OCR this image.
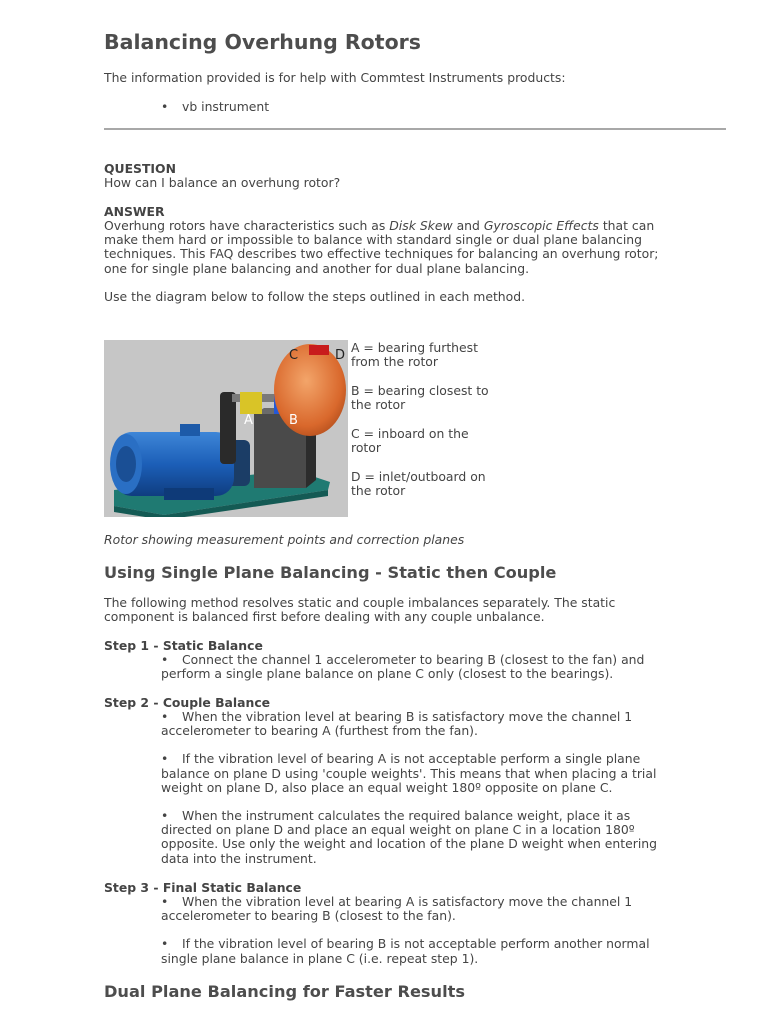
Balancing Overhung Rotors
The information provided is for help with Commtest Instruments products:
• vb instrument
QUESTION
How can I balance an overhung rotor?
ANSWER
Overhung rotors have characteristics such as Disk Skew and Gyroscopic Effects that can
make them hard or impossible to balance with standard single or dual plane balancing
techniques. This FAQ describes two effective techniques for balancing an overhung rotor;
one for single plane balancing and another for dual plane balancing.
Use the diagram below to follow the steps outlined in each method.
A	B
C	D
A = bearing furthest
from the rotor
B = bearing closest to
the rotor
C = inboard on the
rotor
D = inlet/outboard on
the rotor
Rotor showing measurement points and correction planes
Using Single Plane Balancing - Static then Couple
The following method resolves static and couple imbalances separately. The static
component is balanced first before dealing with any couple unbalance.
Step 1 - Static Balance

• Connect the channel 1 accelerometer to bearing B (closest to the fan) and
perform a single plane balance on plane C only (closest to the bearings).

Step 2 - Couple Balance

• When the vibration level at bearing B is satisfactory move the channel 1
accelerometer to bearing A (furthest from the fan).

• If the vibration level of bearing A is not acceptable perform a single plane
balance on plane D using 'couple weights'. This means that when placing a trial
weight on plane D, also place an equal weight 180º opposite on plane C.

• When the instrument calculates the required balance weight, place it as
directed on plane D and place an equal weight on plane C in a location 180º
opposite. Use only the weight and location of the plane D weight when entering
data into the instrument.

Step 3 - Final Static Balance

• When the vibration level at bearing A is satisfactory move the channel 1
accelerometer to bearing B (closest to the fan).

• If the vibration level of bearing B is not acceptable perform another normal
single plane balance in plane C (i.e. repeat step 1).

Dual Plane Balancing for Faster Results
